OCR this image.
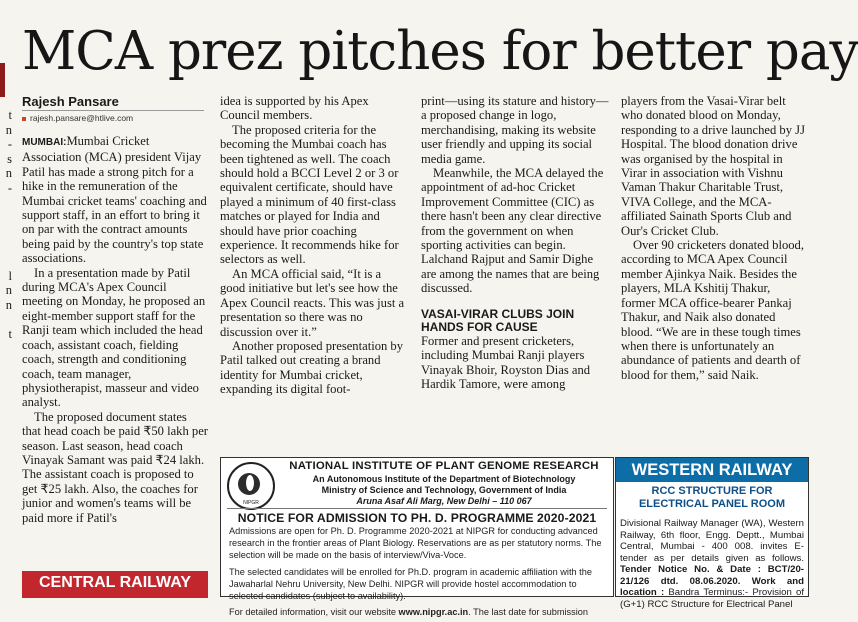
t
n
-
s
n
-

l
n
n

t
MCA prez pitches for better pay
Rajesh Pansare
rajesh.pansare@htlive.com

MUMBAI:Mumbai Cricket Association (MCA) president Vijay Patil has made a strong pitch for a hike in the remuneration of the Mumbai cricket teams' coaching and support staff, in an effort to bring it on par with the contract amounts being paid by the country's top state associations.

In a presentation made by Patil during MCA's Apex Council meeting on Monday, he proposed an eight-member support staff for the Ranji team which included the head coach, assistant coach, fielding coach, strength and conditioning coach, team manager, physiotherapist, masseur and video analyst.

The proposed document states that head coach be paid ₹50 lakh per season. Last season, head coach Vinayak Samant was paid ₹24 lakh. The assistant coach is proposed to get ₹25 lakh. Also, the coaches for junior and women's teams will be paid more if Patil's

idea is supported by his Apex Council members.

The proposed criteria for the becoming the Mumbai coach has been tightened as well. The coach should hold a BCCI Level 2 or 3 or equivalent certificate, should have played a minimum of 40 first-class matches or played for India and should have prior coaching experience. It recommends hike for selectors as well.

An MCA official said, “It is a good initiative but let's see how the Apex Council reacts. This was just a presentation so there was no discussion over it.”

Another proposed presentation by Patil talked out creating a brand identity for Mumbai cricket, expanding its digital foot-

print—using its stature and history—a proposed change in logo, merchandising, making its website user friendly and upping its social media game.

Meanwhile, the MCA delayed the appointment of ad-hoc Cricket Improvement Committee (CIC) as there hasn't been any clear directive from the government on when sporting activities can begin. Lalchand Rajput and Samir Dighe are among the names that are being discussed.

VASAI-VIRAR CLUBS JOIN HANDS FOR CAUSE

Former and present cricketers, including Mumbai Ranji players Vinayak Bhoir, Royston Dias and Hardik Tamore, were among

players from the Vasai-Virar belt who donated blood on Monday, responding to a drive launched by JJ Hospital. The blood donation drive was organised by the hospital in Virar in association with Vishnu Vaman Thakur Charitable Trust, VIVA College, and the MCA-affiliated Sainath Sports Club and Our's Cricket Club.

Over 90 cricketers donated blood, according to MCA Apex Council member Ajinkya Naik. Besides the players, MLA Kshitij Thakur, former MCA office-bearer Pankaj Thakur, and Naik also donated blood. “We are in these tough times when there is unfortunately an abundance of patients and dearth of blood for them,” said Naik.

CENTRAL RAILWAY
NIPGR
NATIONAL INSTITUTE OF PLANT GENOME RESEARCH
An Autonomous Institute of the Department of Biotechnology
Ministry of Science and Technology, Government of India
Aruna Asaf Ali Marg, New Delhi – 110 067
NOTICE FOR ADMISSION TO PH. D. PROGRAMME 2020-2021

Admissions are open for Ph. D. Programme 2020-2021 at NIPGR for conducting advanced research in the frontier areas of Plant Biology. Reservations are as per statutory norms. The selection will be made on the basis of interview/Viva-Voce.

The selected candidates will be enrolled for Ph.D. program in academic affiliation with the Jawaharlal Nehru University, New Delhi. NIPGR will provide hostel accommodation to selected candidates (subject to availability).

For detailed information, visit our website www.nipgr.ac.in. The last date for submission

WESTERN RAILWAY
RCC STRUCTURE FOR ELECTRICAL PANEL ROOM
Divisional Railway Manager (WA), Western Railway, 6th floor, Engg. Deptt., Mumbai Central, Mumbai - 400 008. invites E-tender as per details given as follows. Tender Notice No. & Date : BCT/20-21/126 dtd. 08.06.2020. Work and location : Bandra Terminus:- Provision of (G+1) RCC Structure for Electrical Panel
